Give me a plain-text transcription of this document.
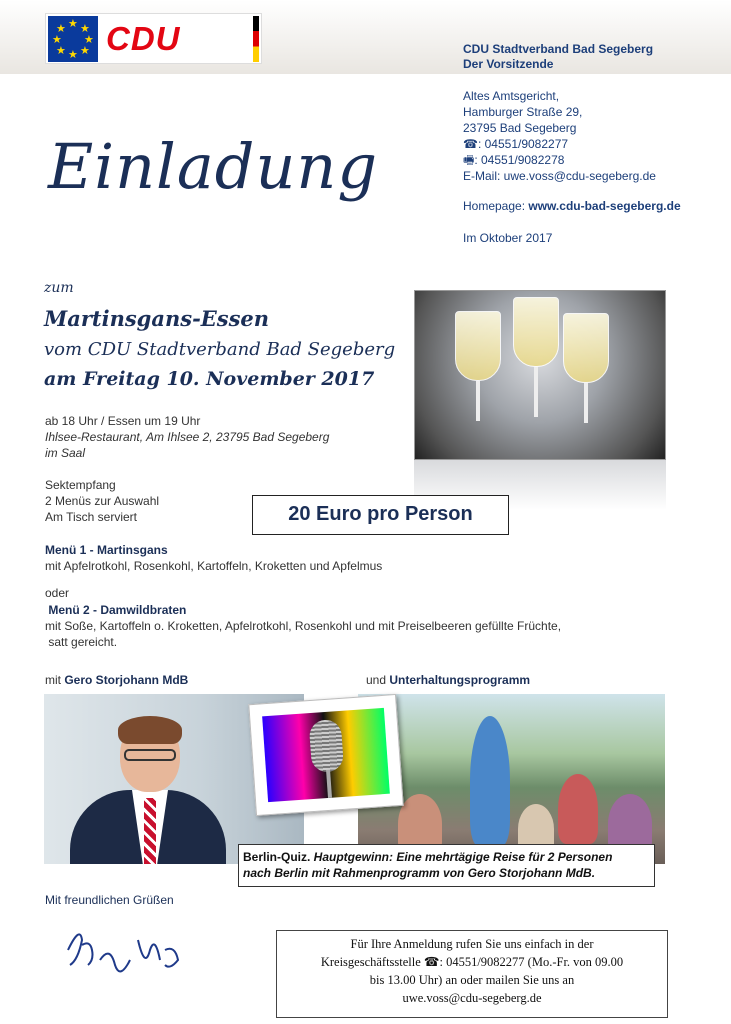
★ ★
★
★
★
★
★
★ CDU	CDU Stadtverband Bad Segeberg
Der Vorsitzende
Altes Amtsgericht,
Hamburger Straße 29,
23795 Bad Segeberg
☎: 04551/9082277
🖷: 04551/9082278
E-Mail: uwe.voss@cdu-segeberg.de
Homepage: www.cdu-bad-segeberg.de
Im Oktober 2017
Einladung
zum
Martinsgans-Essen
vom CDU Stadtverband Bad Segeberg
am Freitag 10. November 2017
ab 18 Uhr / Essen um 19 Uhr
Ihlsee-Restaurant, Am Ihlsee 2, 23795 Bad Segeberg
im Saal
Sektempfang
2 Menüs zur Auswahl
Am Tisch serviert	20 Euro pro Person
Menü 1 - Martinsgans
mit Apfelrotkohl, Rosenkohl, Kartoffeln, Kroketten und Apfelmus
oder
Menü 2 - Damwildbraten
mit Soße, Kartoffeln o. Kroketten, Apfelrotkohl, Rosenkohl und mit Preiselbeeren gefüllte Früchte,
satt gereicht.
mit Gero Storjohann MdB	und Unterhaltungsprogramm
Berlin-Quiz. Hauptgewinn: Eine mehrtägige Reise für 2 Personen
nach Berlin mit Rahmenprogramm von Gero Storjohann MdB.
Mit freundlichen Grüßen
Für Ihre Anmeldung rufen Sie uns einfach in der
Kreisgeschäftsstelle ☎: 04551/9082277 (Mo.-Fr. von 09.00
bis 13.00 Uhr) an oder mailen Sie uns an
uwe.voss@cdu-segeberg.de
